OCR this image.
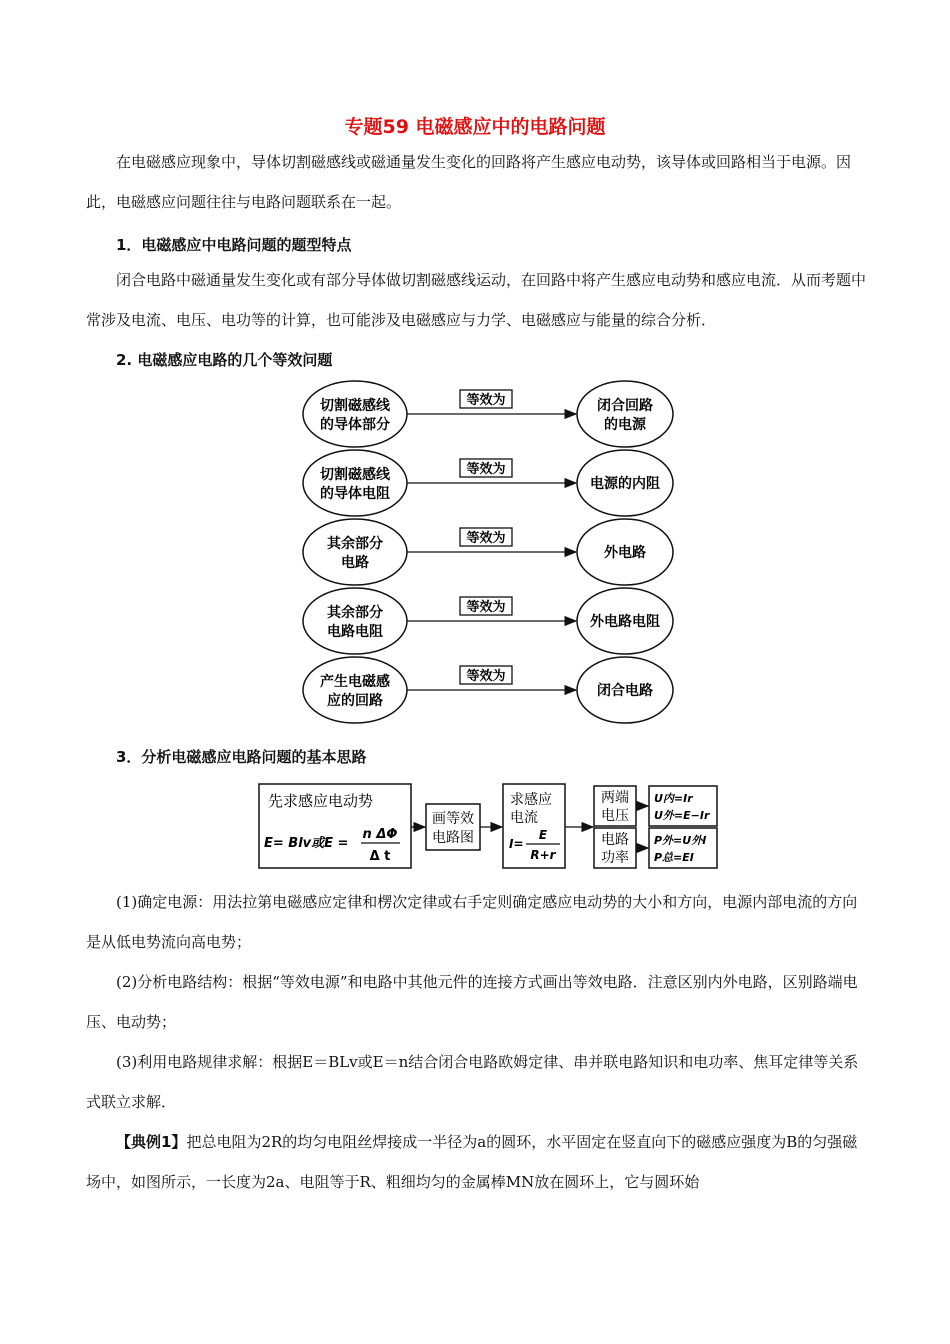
专题59 电磁感应中的电路问题
在电磁感应现象中，导体切割磁感线或磁通量发生变化的回路将产生感应电动势，该导体或回路相当于电源。因此，电磁感应问题往往与电路问题联系在一起。
1．电磁感应中电路问题的题型特点
闭合电路中磁通量发生变化或有部分导体做切割磁感线运动，在回路中将产生感应电动势和感应电流．从而考题中常涉及电流、电压、电功等的计算，也可能涉及电磁感应与力学、电磁感应与能量的综合分析．
2. 电磁感应电路的几个等效问题
等效为
切割磁感线
的导体部分
闭合回路
的电源
等效为
切割磁感线
的导体电阻
电源的内阻
等效为
其余部分
电路
外电路
等效为
其余部分
电路电阻
外电路电阻
等效为
产生电磁感
应的回路
闭合电路
3．分析电磁感应电路问题的基本思路
先求感应电动势
E= Blv或E =
n ΔΦ
Δ t
画等效
电路图
求感应
电流
I=
E
R+r
两端
电压
电路
功率
U内=Ir
U外=E−Ir
P外=U外I
P总=EI
(1)确定电源：用法拉第电磁感应定律和楞次定律或右手定则确定感应电动势的大小和方向，电源内部电流的方向是从低电势流向高电势；
(2)分析电路结构：根据“等效电源”和电路中其他元件的连接方式画出等效电路．注意区别内外电路，区别路端电压、电动势；
(3)利用电路规律求解：根据E＝BLv或E＝n结合闭合电路欧姆定律、串并联电路知识和电功率、焦耳定律等关系式联立求解．
【典例1】把总电阻为2R的均匀电阻丝焊接成一半径为a的圆环，水平固定在竖直向下的磁感应强度为B的匀强磁场中，如图所示，一长度为2a、电阻等于R、粗细均匀的金属棒MN放在圆环上，它与圆环始
